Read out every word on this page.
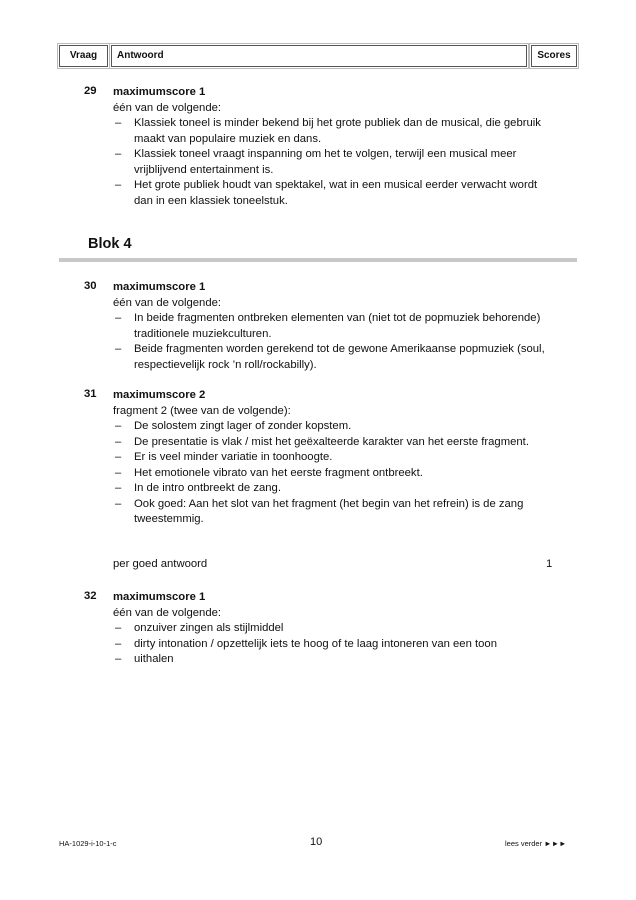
Vraag	Antwoord	Scores
29 maximumscore 1
één van de volgende:
– Klassiek toneel is minder bekend bij het grote publiek dan de musical, die gebruik maakt van populaire muziek en dans.
– Klassiek toneel vraagt inspanning om het te volgen, terwijl een musical meer vrijblijvend entertainment is.
– Het grote publiek houdt van spektakel, wat in een musical eerder verwacht wordt dan in een klassiek toneelstuk.
Blok 4
30 maximumscore 1
één van de volgende:
– In beide fragmenten ontbreken elementen van (niet tot de popmuziek behorende) traditionele muziekculturen.
– Beide fragmenten worden gerekend tot de gewone Amerikaanse popmuziek (soul, respectievelijk rock ’n roll/rockabilly).
31 maximumscore 2
fragment 2 (twee van de volgende):
– De solostem zingt lager of zonder kopstem.
– De presentatie is vlak / mist het geëxalteerde karakter van het eerste fragment.
– Er is veel minder variatie in toonhoogte.
– Het emotionele vibrato van het eerste fragment ontbreekt.
– In de intro ontbreekt de zang.
– Ook goed: Aan het slot van het fragment (het begin van het refrein) is de zang tweestemmig.
per goed antwoord	1
32 maximumscore 1
één van de volgende:
– onzuiver zingen als stijlmiddel
– dirty intonation / opzettelijk iets te hoog of te laag intoneren van een toon
– uithalen
HA-1029-i-10-1-c	10	lees verder ►►►
